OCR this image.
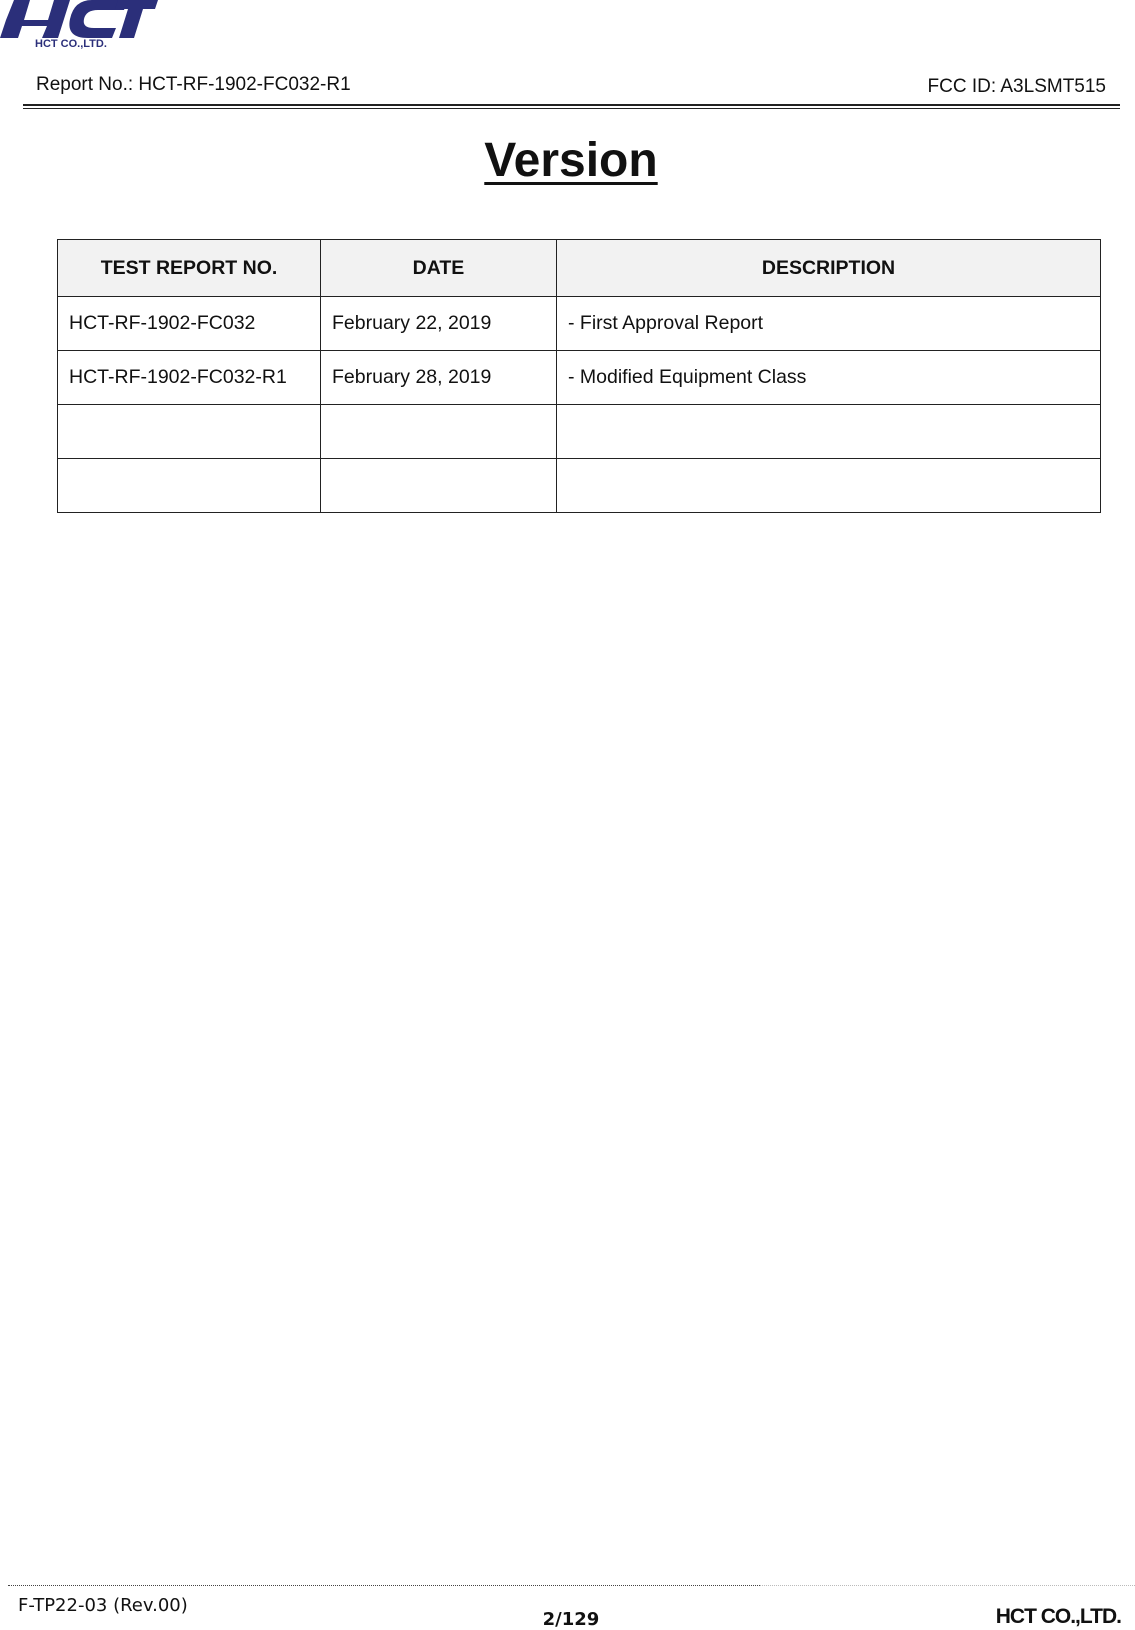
HCT CO.,LTD.
Report No.: HCT-RF-1902-FC032-R1	FCC ID: A3LSMT515
Version
TEST REPORT NO.	DATE	DESCRIPTION
HCT-RF-1902-FC032	February 22, 2019	- First Approval Report
HCT-RF-1902-FC032-R1	February 28, 2019	- Modified Equipment Class

F-TP22-03 (Rev.00)
2/129	HCT CO.,LTD.
